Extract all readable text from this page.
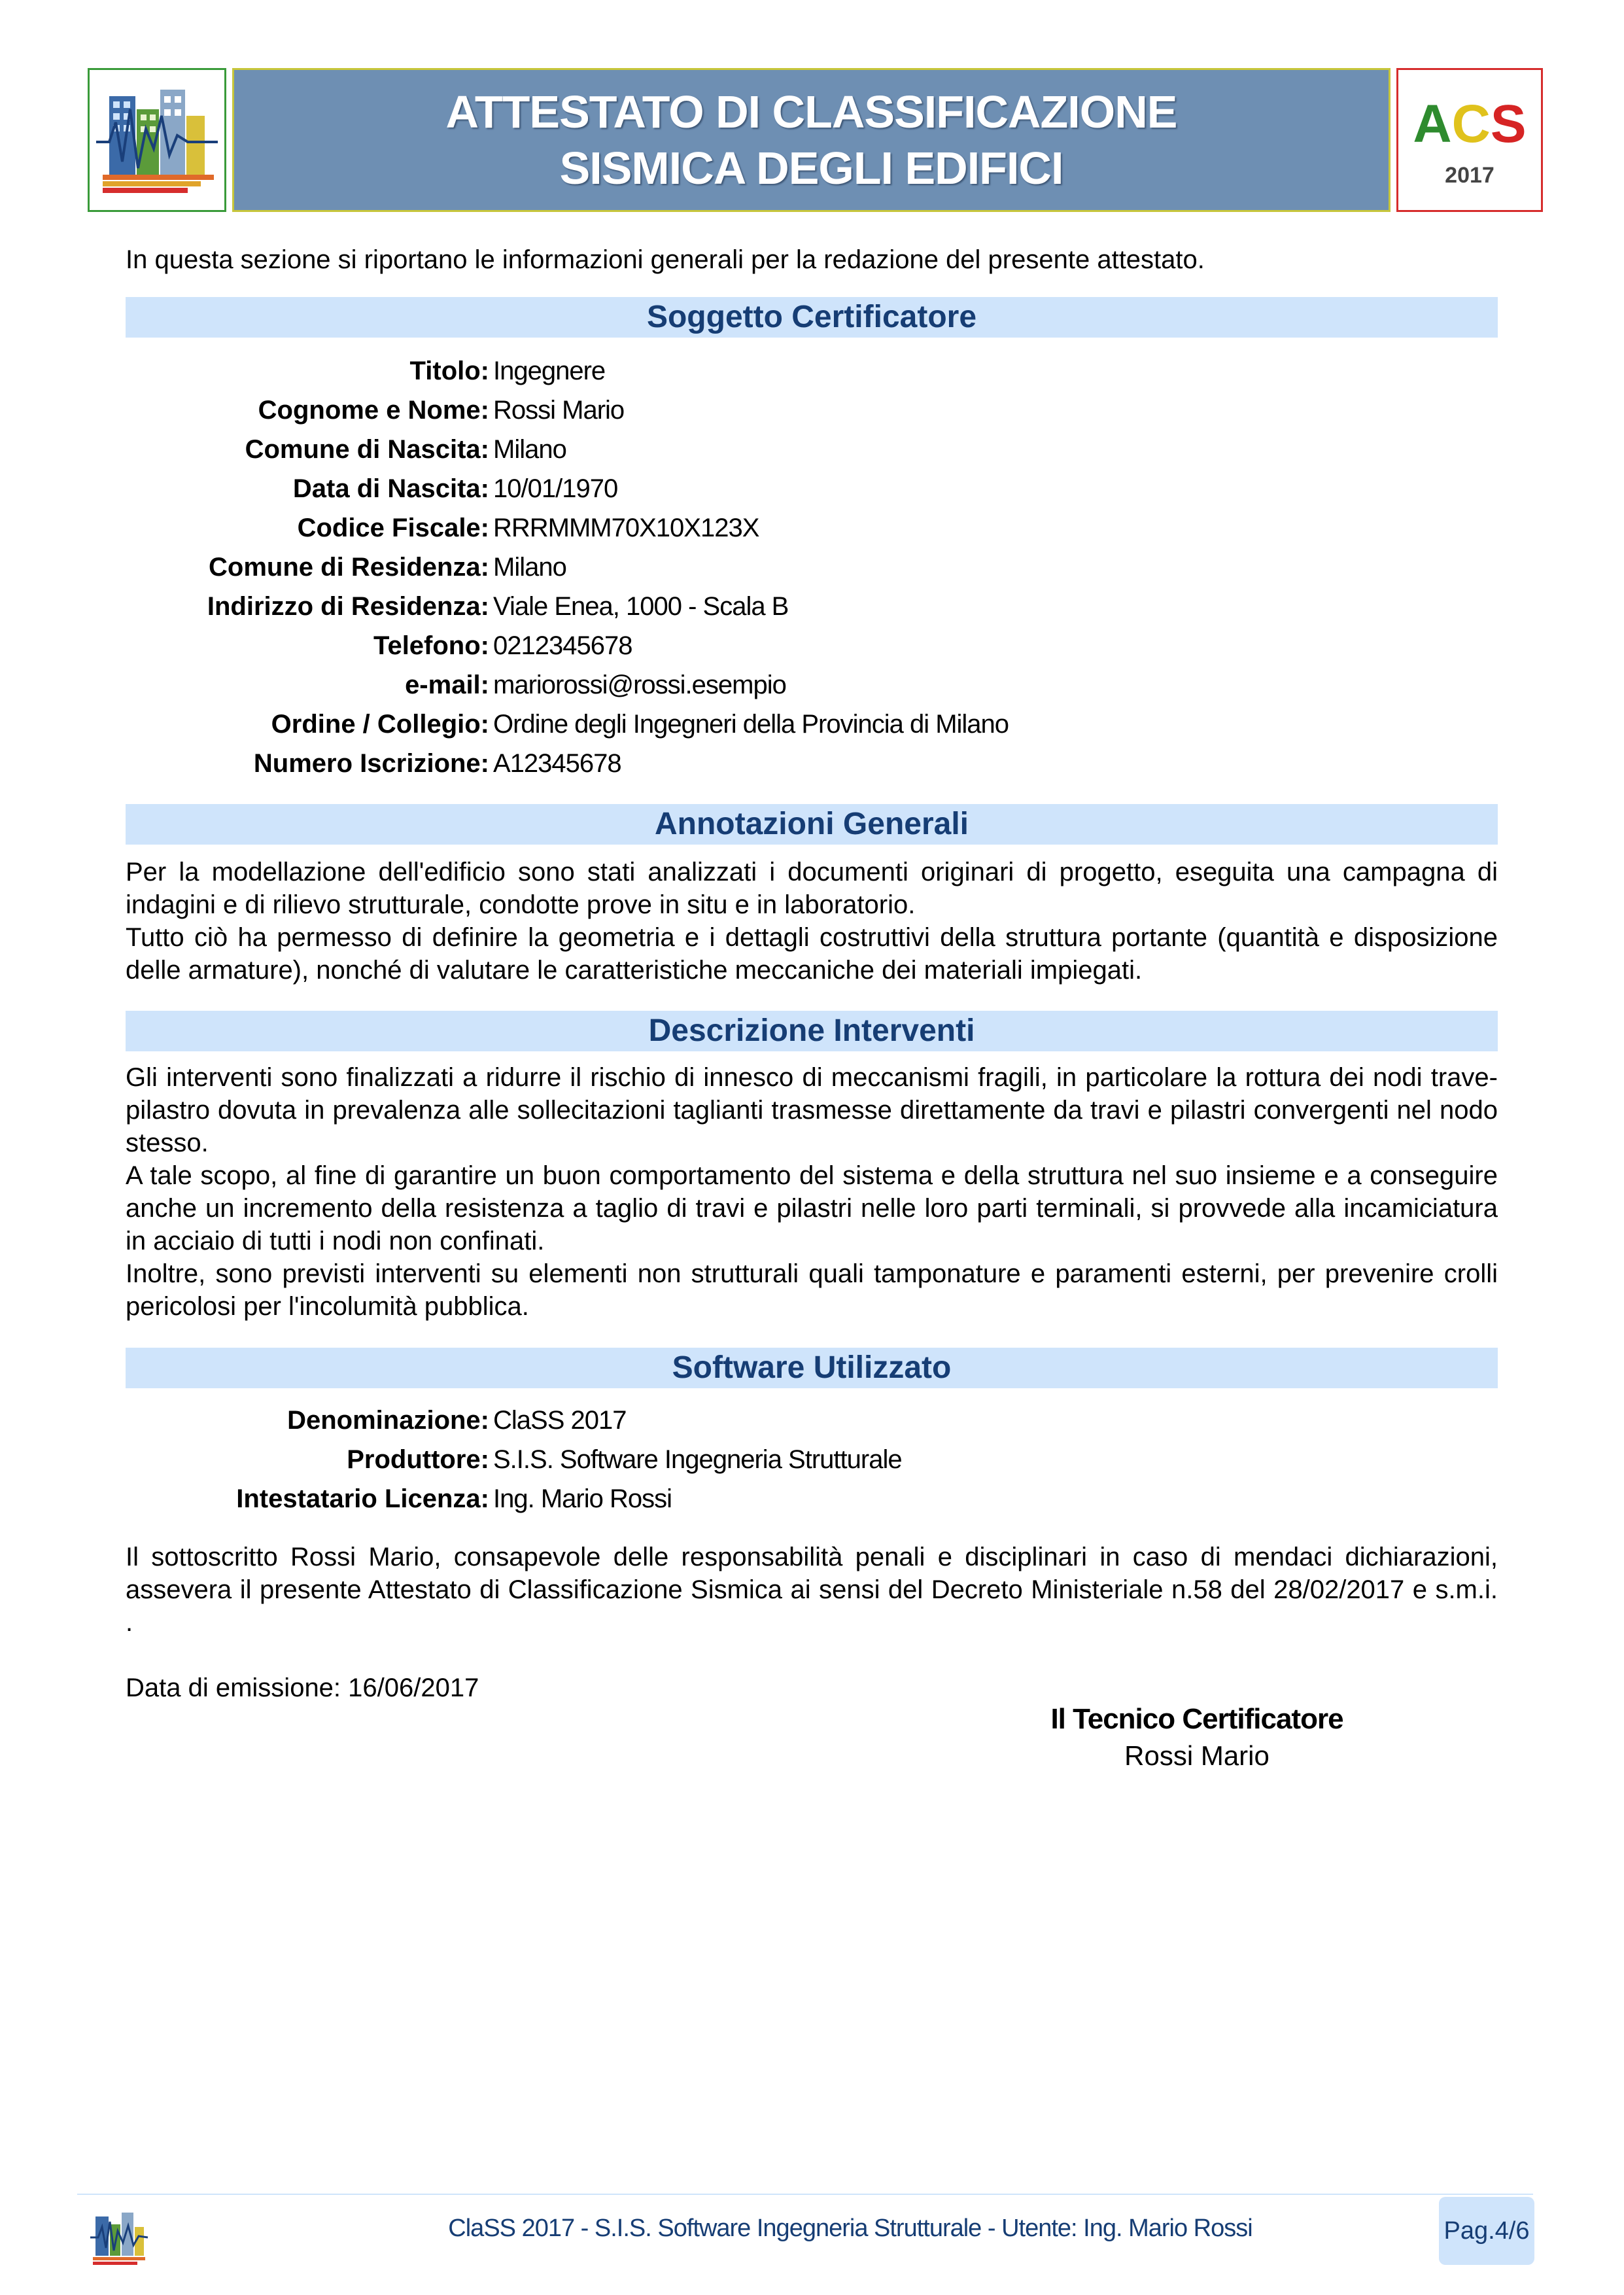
ATTESTATO DI CLASSIFICAZIONE
SISMICA DEGLI EDIFICI
ACS
2017
In questa sezione si riportano le informazioni generali per la redazione del presente attestato.
Soggetto Certificatore
Titolo: Ingegnere
Cognome e Nome: Rossi Mario
Comune di Nascita: Milano
Data di Nascita: 10/01/1970
Codice Fiscale: RRRMMM70X10X123X
Comune di Residenza: Milano
Indirizzo di Residenza: Viale Enea, 1000 - Scala B
Telefono: 0212345678
e-mail: mariorossi@rossi.esempio
Ordine / Collegio: Ordine degli Ingegneri della Provincia di Milano
Numero Iscrizione: A12345678
Annotazioni Generali

Per la modellazione dell'edificio sono stati analizzati i documenti originari di progetto, eseguita una campagna di indagini e di rilievo strutturale, condotte prove in situ e in laboratorio.

Tutto ciò ha permesso di definire la geometria e i dettagli costruttivi della struttura portante (quantità e disposizione delle armature), nonché di valutare le caratteristiche meccaniche dei materiali impiegati.

Descrizione Interventi

Gli interventi sono finalizzati a ridurre il rischio di innesco di meccanismi fragili, in particolare la rottura dei nodi trave-pilastro dovuta in prevalenza alle sollecitazioni taglianti trasmesse direttamente da travi e pilastri convergenti nel nodo stesso.

A tale scopo, al fine di garantire un buon comportamento del sistema e della struttura nel suo insieme e a conseguire anche un incremento della resistenza a taglio di travi e pilastri nelle loro parti terminali, si provvede alla incamiciatura in acciaio di tutti i nodi non confinati.

Inoltre, sono previsti interventi su elementi non strutturali quali tamponature e paramenti esterni, per prevenire crolli pericolosi per l'incolumità pubblica.

Software Utilizzato
Denominazione: ClaSS 2017
Produttore: S.I.S. Software Ingegneria Strutturale
Intestatario Licenza: Ing. Mario Rossi

Il sottoscritto Rossi Mario, consapevole delle responsabilità penali e disciplinari in caso di mendaci dichiarazioni, assevera il presente Attestato di Classificazione Sismica ai sensi del Decreto Ministeriale n.58 del 28/02/2017 e s.m.i. .

Data di emissione: 16/06/2017
Il Tecnico Certificatore
Rossi Mario
ClaSS 2017 - S.I.S. Software Ingegneria Strutturale - Utente: Ing. Mario Rossi	Pag.4/6
